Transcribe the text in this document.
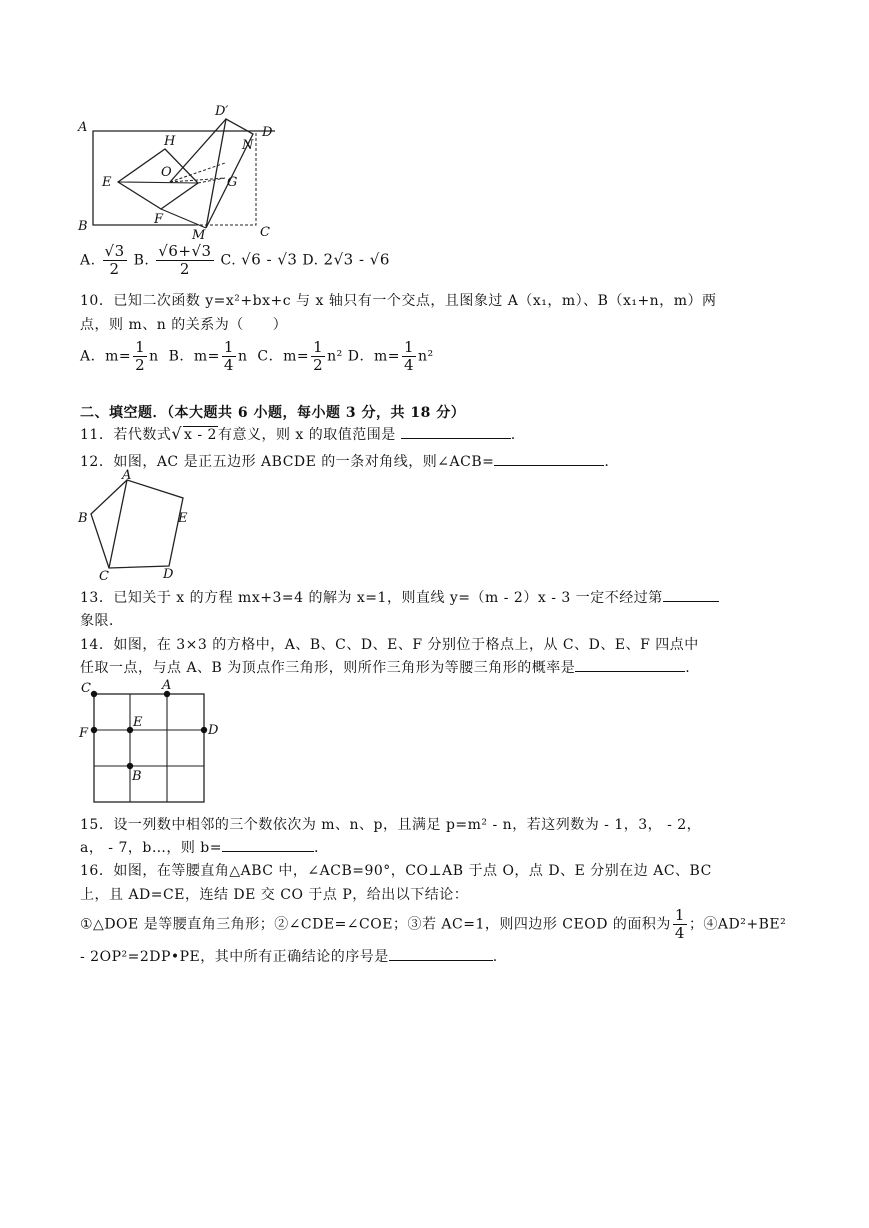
A
B	C
D
D′
N
H
O
E	G
F
M
A. $\frac{√3}{2} B$. $\frac{√6+√3}{2} C$. √6 - √3 D. 2√3 - √6
10．已知二次函数 y=x²+bx+c 与 x 轴只有一个交点，且图象过 A（x₁，m）、B（x₁+n，m）两
点，则 m、n 的关系为（　　）
A．$m= \frac{1}{2}$ n B．$m= \frac{1}{4}$ n C．$m= \frac{1}{2} n^2$ D．$m= \frac{1}{4} n^2$
二、填空题．（本大题共 6 小题，每小题 3 分，共 18 分）
11．若代数式√ x - 2有意义，则 x 的取值范围是	.
12．如图，AC 是正五边形 ABCDE 的一条对角线，则∠ACB=	.
A
B
C	D
E
13．已知关于 x 的方程 mx+3=4 的解为 x=1，则直线 y=（m - 2）x - 3 一定不经过第
象限．
14．如图，在 3×3 的方格中，A、B、C、D、E、F 分别位于格点上，从 C、D、E、F 四点中
任取一点，与点 A、B 为顶点作三角形，则所作三角形为等腰三角形的概率是	.
C	A
F
E
D
B
15．设一列数中相邻的三个数依次为 m、n、p，且满足 p=m² - n，若这列数为 - 1，3， - 2，
a， - 7，b…，则 b=	.
16．如图，在等腰直角△ABC 中，∠ACB=90°，CO⊥AB 于点 O，点 D、E 分别在边 AC、BC
上，且 AD=CE，连结 DE 交 CO 于点 P，给出以下结论：
①△DOE 是等腰直角三角形；②∠CDE=∠COE；③若 AC=1，则四边形 CEOD 的面积为 $\frac{1}{4}$ ；④AD²+BE²
- 2OP²=2DP•PE，其中所有正确结论的序号是	.
